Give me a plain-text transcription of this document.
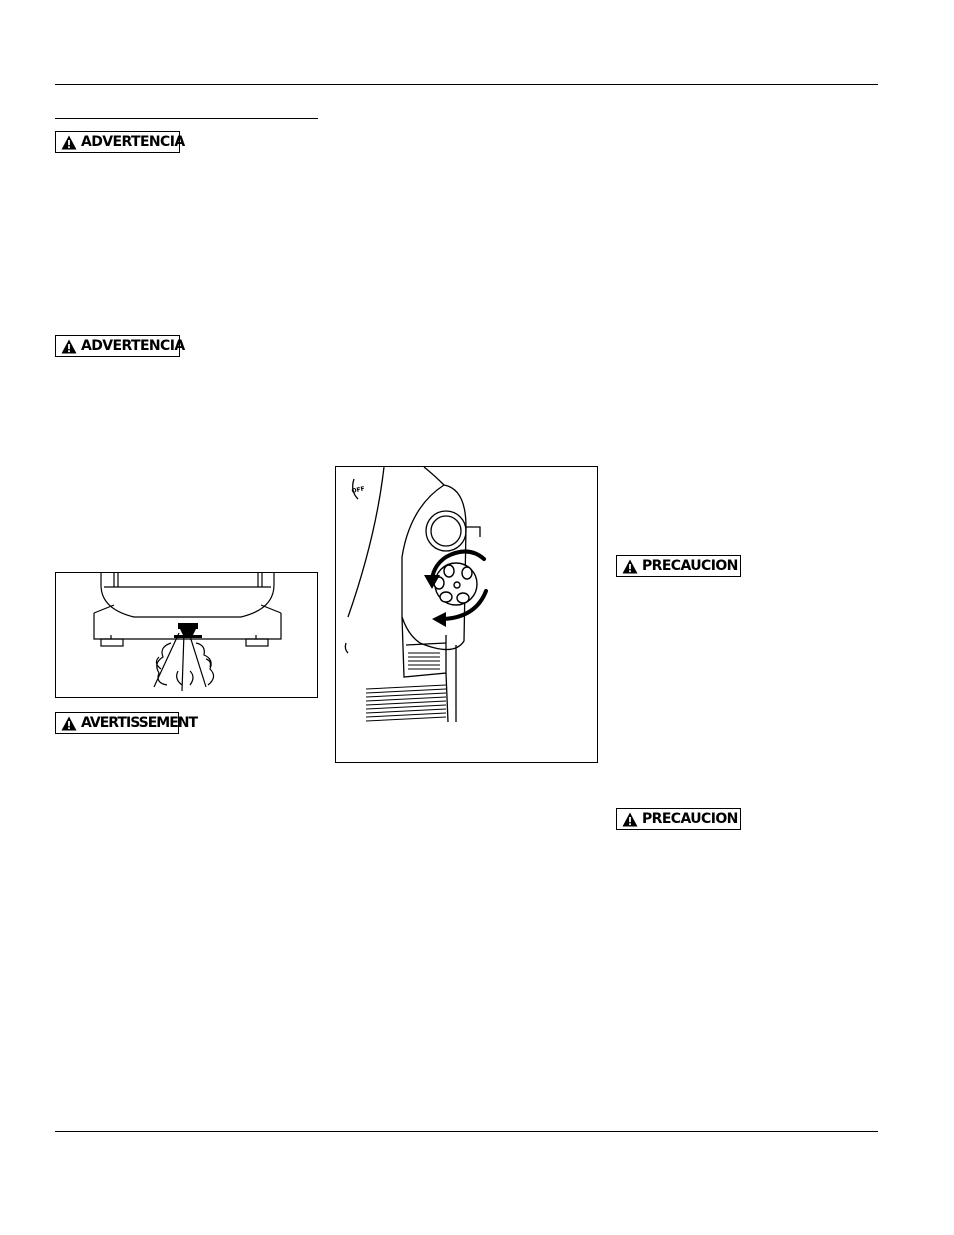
ADVERTENCIA
ADVERTENCIA
AVERTISSEMENT
PRECAUCION
PRECAUCION
OFF
